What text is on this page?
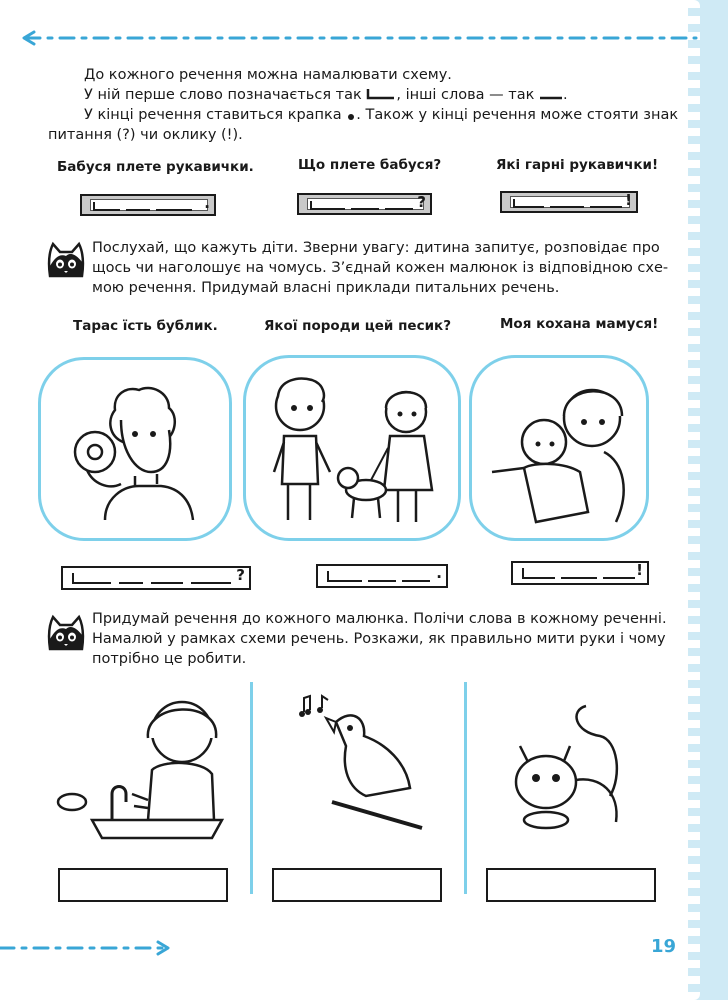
До кожного речення можна намалювати схему.
У ній перше слово позначається так , інші слова — так .
У кінці речення ставиться крапка . Також у кінці речення може стояти знак
питання (?) чи оклику (!).
Бабуся плете рукавички.	Що плете бабуся?	Які гарні рукавички!
.	?	!
Послухай, що кажуть діти. Зверни увагу: дитина запитує, розповідає про
щось чи наголошує на чомусь. З’єднай кожен малюнок із відповідною схе-
мою речення. Придумай власні приклади питальних речень.
Тарас їсть бублик.	Якої породи цей песик?	Моя кохана мамуся!
?	.	!
Придумай речення до кожного малюнка. Полічи слова в кожному реченні.
Намалюй у рамках схеми речень. Розкажи, як правильно мити руки і чому
потрібно це робити.
19
